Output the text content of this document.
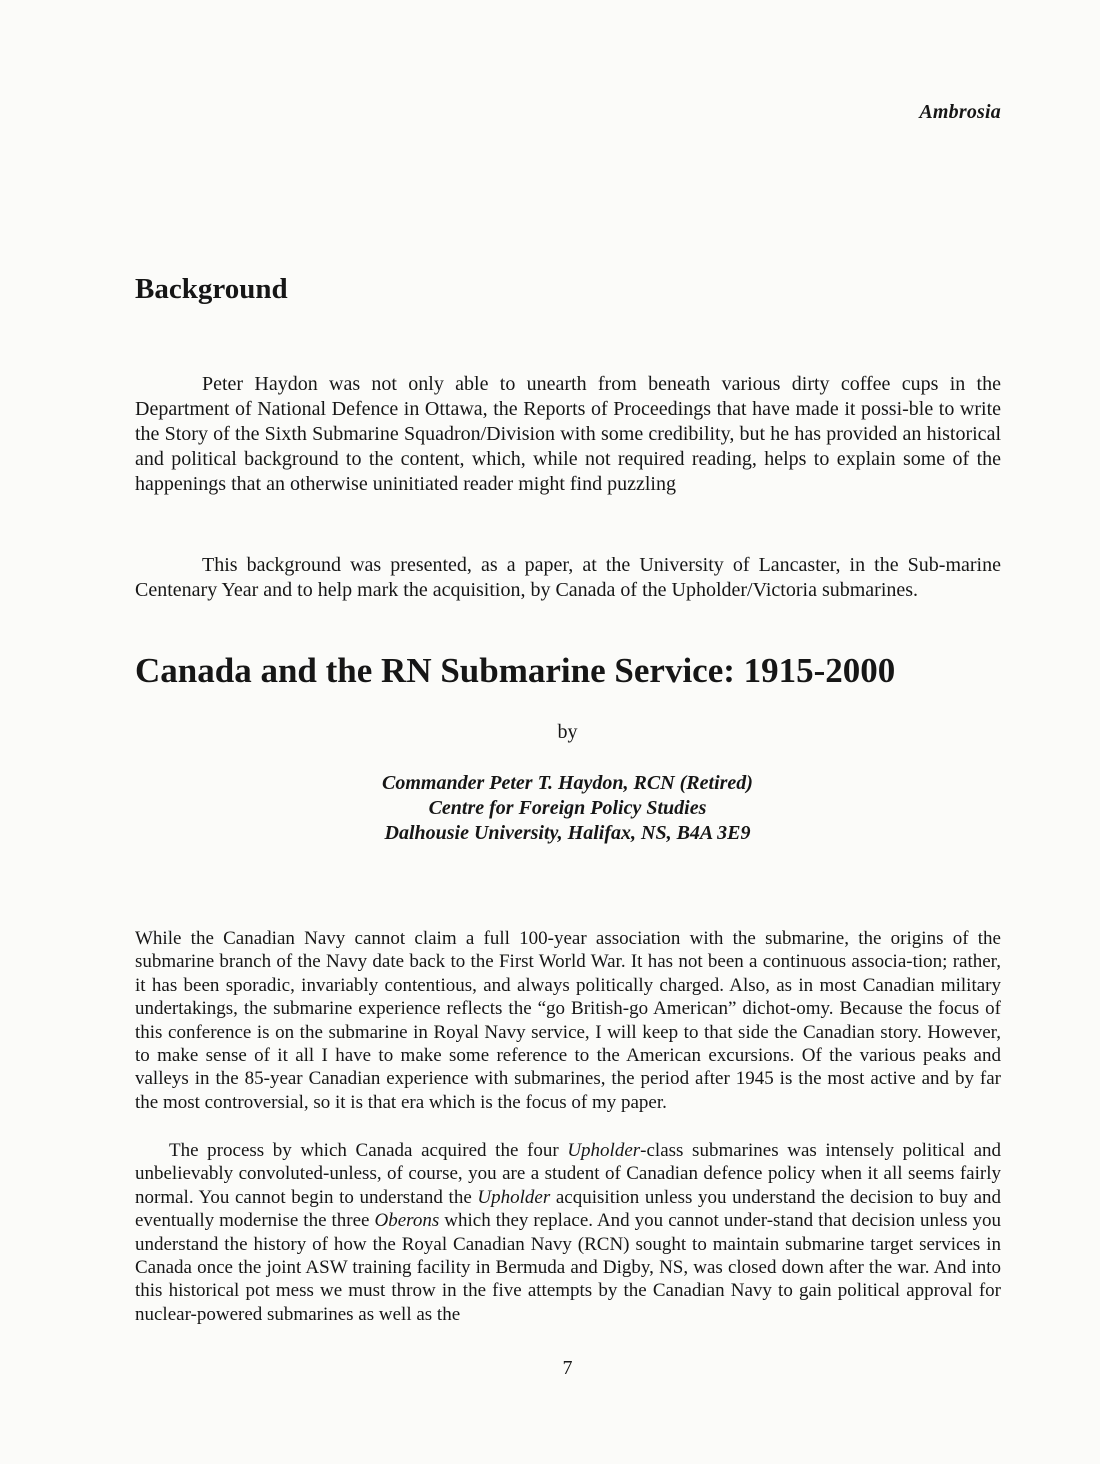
Ambrosia
Background

Peter Haydon was not only able to unearth from beneath various dirty coffee cups in the Department of National Defence in Ottawa, the Reports of Proceedings that have made it possi-ble to write the Story of the Sixth Submarine Squadron/Division with some credibility, but he has provided an historical and political background to the content, which, while not required reading, helps to explain some of the happenings that an otherwise uninitiated reader might find puzzling

This background was presented, as a paper, at the University of Lancaster, in the Sub-marine Centenary Year and to help mark the acquisition, by Canada of the Upholder/Victoria submarines.

Canada and the RN Submarine Service: 1915-2000
by
Commander Peter T. Haydon, RCN (Retired)
Centre for Foreign Policy Studies
Dalhousie University, Halifax, NS, B4A 3E9

While the Canadian Navy cannot claim a full 100-year association with the submarine, the origins of the submarine branch of the Navy date back to the First World War. It has not been a continuous associa-tion; rather, it has been sporadic, invariably contentious, and always politically charged. Also, as in most Canadian military undertakings, the submarine experience reflects the “go British-go American” dichot-omy. Because the focus of this conference is on the submarine in Royal Navy service, I will keep to that side the Canadian story. However, to make sense of it all I have to make some reference to the American excursions. Of the various peaks and valleys in the 85-year Canadian experience with submarines, the period after 1945 is the most active and by far the most controversial, so it is that era which is the focus of my paper.

The process by which Canada acquired the four Upholder-class submarines was intensely political and unbelievably convoluted-unless, of course, you are a student of Canadian defence policy when it all seems fairly normal. You cannot begin to understand the Upholder acquisition unless you understand the decision to buy and eventually modernise the three Oberons which they replace. And you cannot under-stand that decision unless you understand the history of how the Royal Canadian Navy (RCN) sought to maintain submarine target services in Canada once the joint ASW training facility in Bermuda and Digby, NS, was closed down after the war. And into this historical pot mess we must throw in the five attempts by the Canadian Navy to gain political approval for nuclear-powered submarines as well as the

7
